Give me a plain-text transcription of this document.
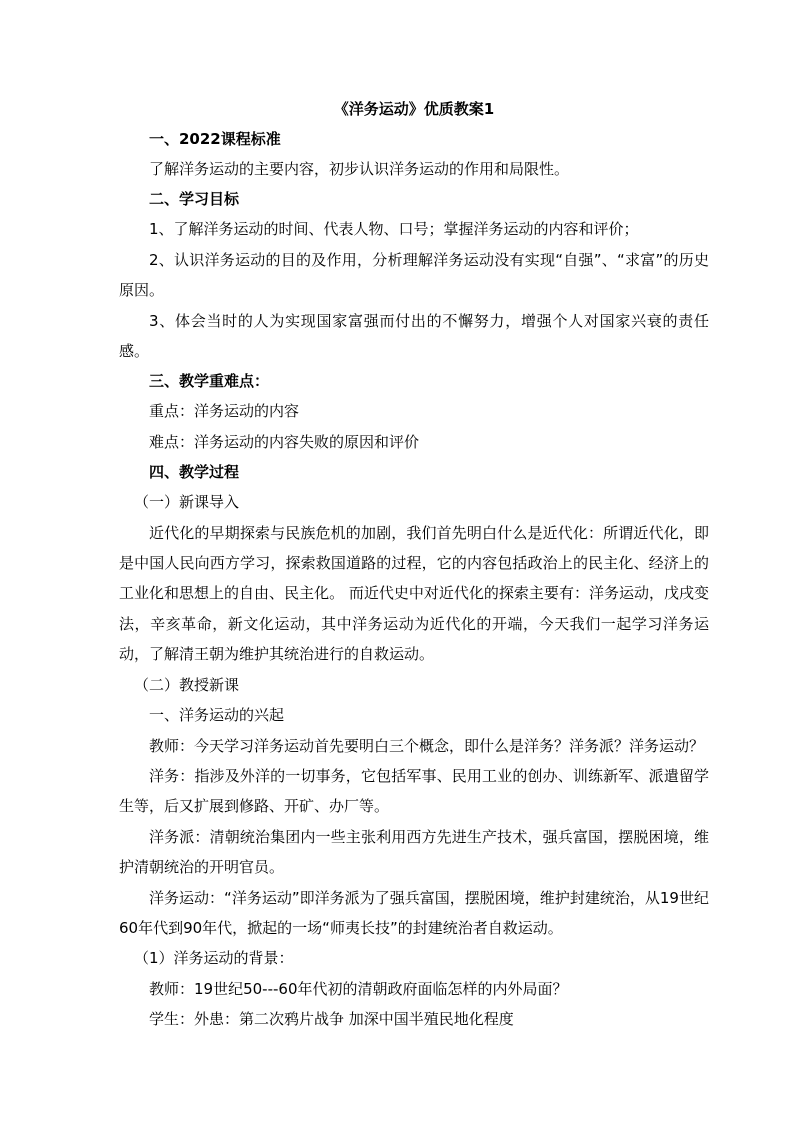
《洋务运动》优质教案1

一、2022课程标准

了解洋务运动的主要内容，初步认识洋务运动的作用和局限性。

二、学习目标

1、了解洋务运动的时间、代表人物、口号；掌握洋务运动的内容和评价；

2、认识洋务运动的目的及作用，分析理解洋务运动没有实现“自强”、“求富”的历史原因。

3、体会当时的人为实现国家富强而付出的不懈努力，增强个人对国家兴衰的责任感。

三、教学重难点：

重点：洋务运动的内容

难点：洋务运动的内容失败的原因和评价

四、教学过程

（一）新课导入

近代化的早期探索与民族危机的加剧，我们首先明白什么是近代化：所谓近代化，即是中国人民向西方学习，探索救国道路的过程，它的内容包括政治上的民主化、经济上的工业化和思想上的自由、民主化。 而近代史中对近代化的探索主要有：洋务运动，戊戌变法，辛亥革命，新文化运动，其中洋务运动为近代化的开端，今天我们一起学习洋务运动，了解清王朝为维护其统治进行的自救运动。

（二）教授新课

一、洋务运动的兴起

教师：今天学习洋务运动首先要明白三个概念，即什么是洋务？洋务派？洋务运动？

洋务：指涉及外洋的一切事务，它包括军事、民用工业的创办、训练新军、派遣留学生等，后又扩展到修路、开矿、办厂等。

洋务派：清朝统治集团内一些主张利用西方先进生产技术，强兵富国，摆脱困境，维护清朝统治的开明官员。

洋务运动：“洋务运动”即洋务派为了强兵富国，摆脱困境，维护封建统治，从19世纪60年代到90年代，掀起的一场“师夷长技”的封建统治者自救运动。

（1）洋务运动的背景：

教师：19世纪50---60年代初的清朝政府面临怎样的内外局面？

学生：外患：第二次鸦片战争 加深中国半殖民地化程度
